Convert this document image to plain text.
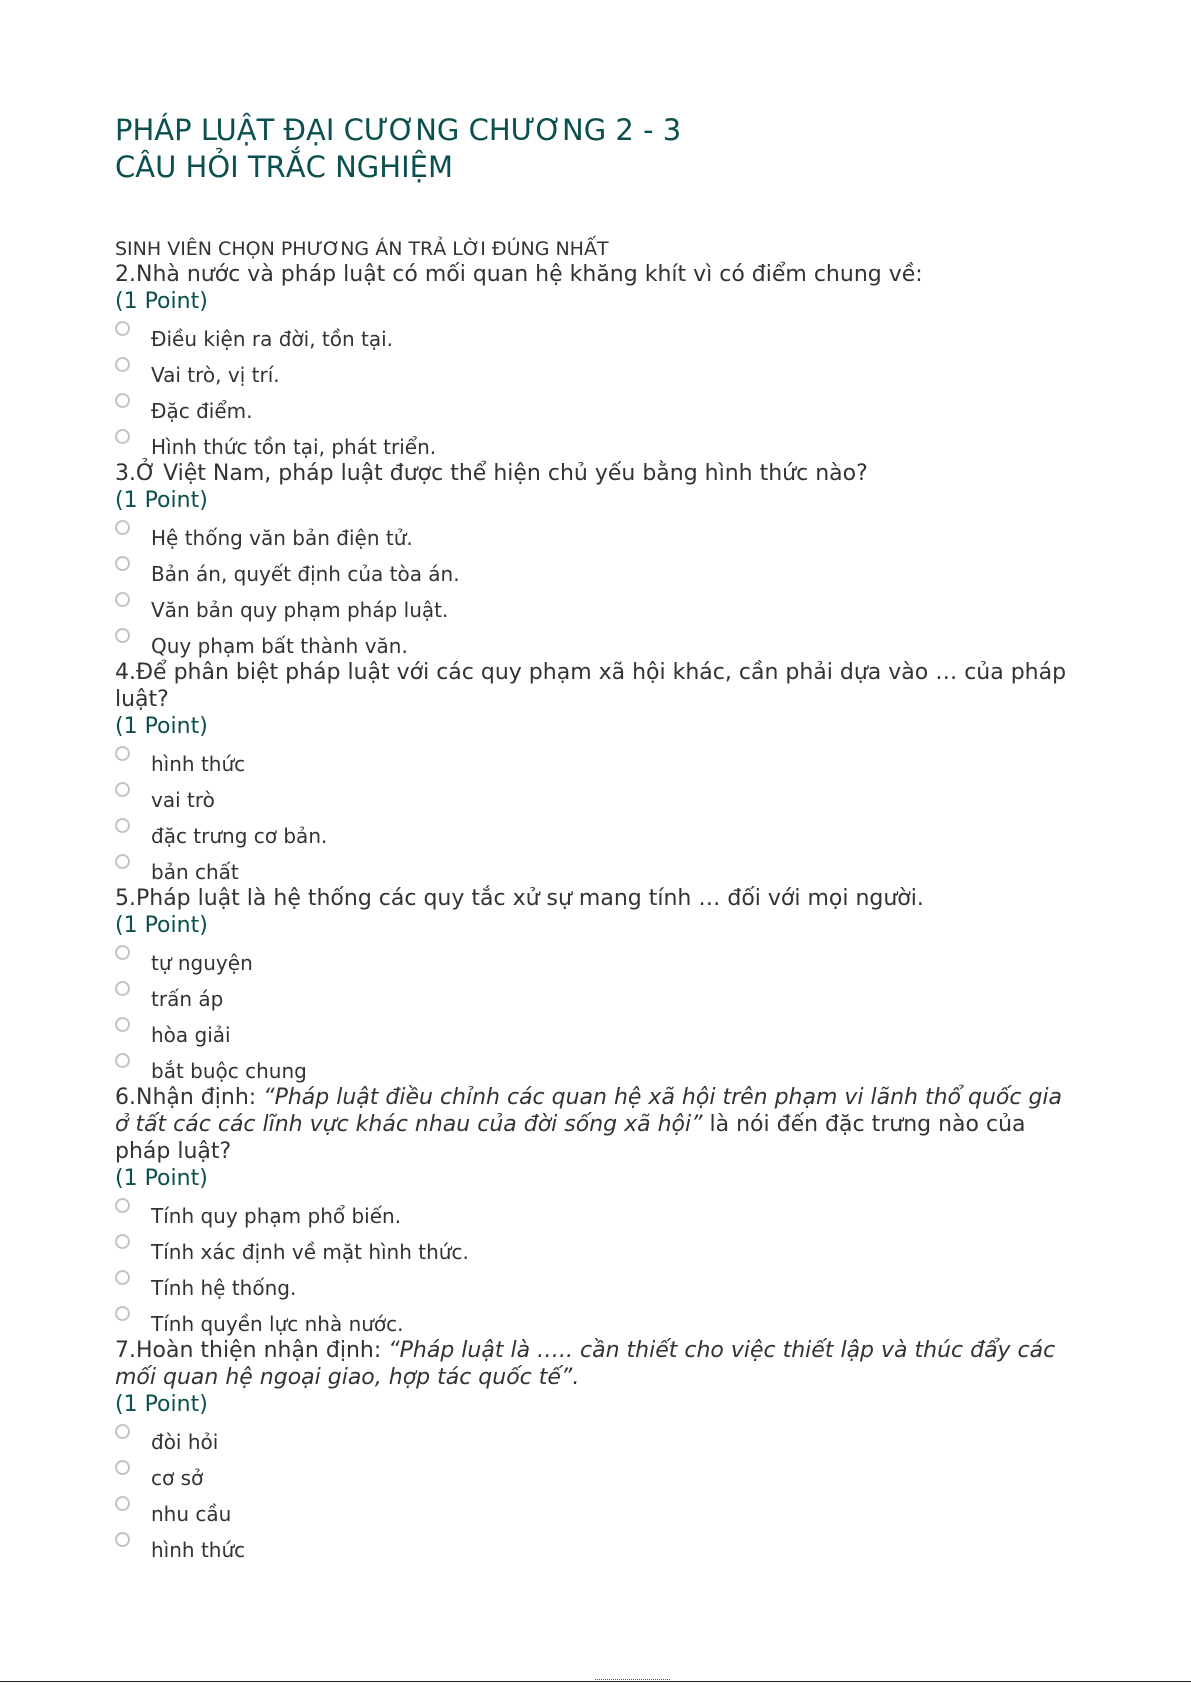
PHÁP LUẬT ĐẠI CƯƠNG CHƯƠNG 2 - 3
CÂU HỎI TRẮC NGHIỆM
SINH VIÊN CHỌN PHƯƠNG ÁN TRẢ LỜI ĐÚNG NHẤT

2.Nhà nước và pháp luật có mối quan hệ khăng khít vì có điểm chung về:

(1 Point)
Điều kiện ra đời, tồn tại.
Vai trò, vị trí.
Đặc điểm.
Hình thức tồn tại, phát triển.

3.Ở Việt Nam, pháp luật được thể hiện chủ yếu bằng hình thức nào?

(1 Point)
Hệ thống văn bản điện tử.
Bản án, quyết định của tòa án.
Văn bản quy phạm pháp luật.
Quy phạm bất thành văn.

4.Để phân biệt pháp luật với các quy phạm xã hội khác, cần phải dựa vào … của pháp luật?

(1 Point)
hình thức
vai trò
đặc trưng cơ bản.
bản chất

5.Pháp luật là hệ thống các quy tắc xử sự mang tính … đối với mọi người.

(1 Point)
tự nguyện
trấn áp
hòa giải
bắt buộc chung

6.Nhận định: “Pháp luật điều chỉnh các quan hệ xã hội trên phạm vi lãnh thổ quốc gia ở tất các các lĩnh vực khác nhau của đời sống xã hội” là nói đến đặc trưng nào của pháp luật?

(1 Point)
Tính quy phạm phổ biến.
Tính xác định về mặt hình thức.
Tính hệ thống.
Tính quyền lực nhà nước.

7.Hoàn thiện nhận định: “Pháp luật là ….. cần thiết cho việc thiết lập và thúc đẩy các mối quan hệ ngoại giao, hợp tác quốc tế”.

(1 Point)
đòi hỏi
cơ sở
nhu cầu
hình thức
